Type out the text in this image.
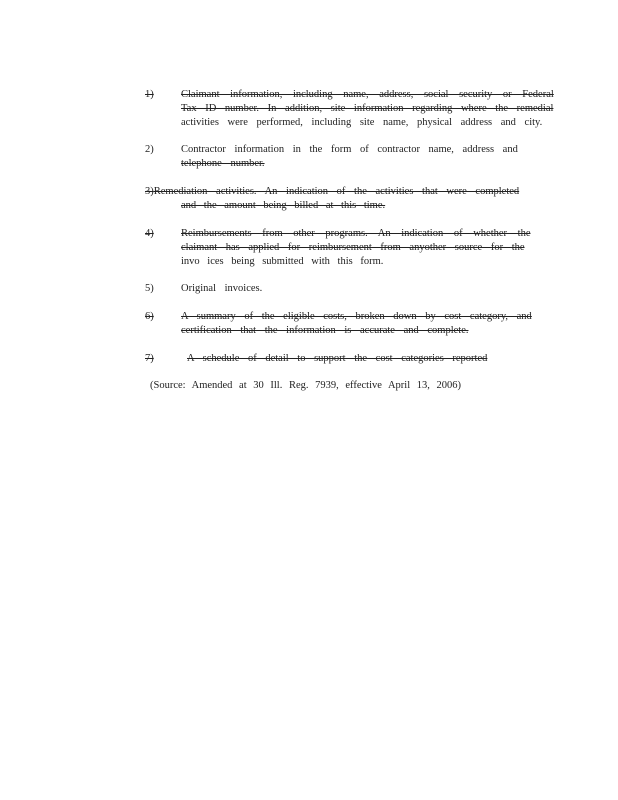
1)	Claimant information, including name, address, social security or Federal
Tax ID number. In addition, site information regarding where the remedial
activities were performed, including site name, physical address and city.
2)	Contractor information in the form of contractor name, address and
telephone number.
3)Remediation activities. An indication of the activities that were completed
and the amount being billed at this time.
4)	Reimbursements from other programs. An indication of whether the
claimant has applied for reimbursement from anyother source for the
invo ices being submitted with this form.
5)	Original invoices.
6)	A summary of the eligible costs, broken down by cost category, and
certification that the information is accurate and complete.
7)	A schedule of detail to support the cost categories reported
(Source: Amended at 30 Ill. Reg. 7939, effective April 13, 2006)
